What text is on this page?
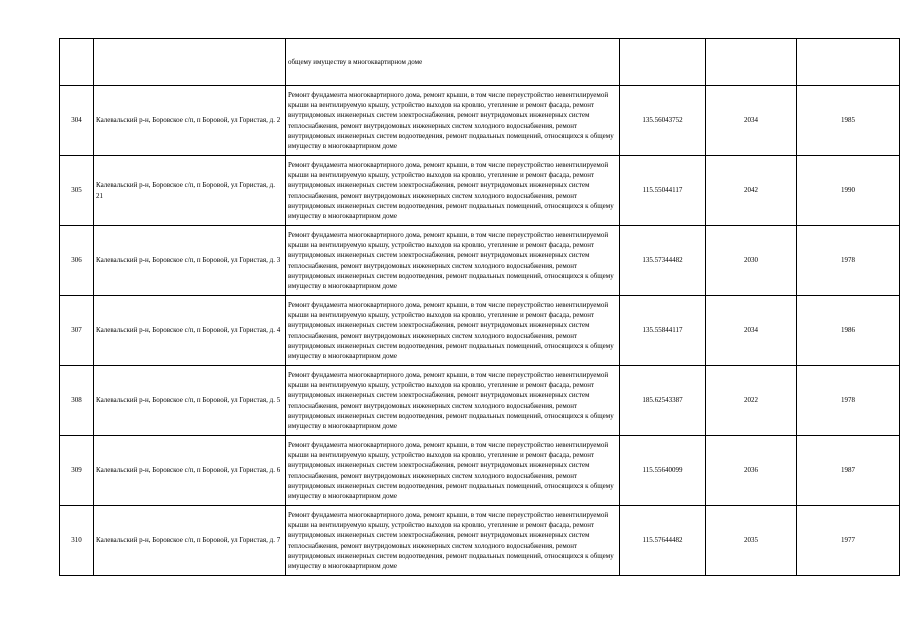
		общему имуществу в многоквартирном доме			
304	Калевальский р-н, Боровское с/п, п Боровой, ул Гористая, д. 2	Ремонт фундамента многоквартирного дома, ремонт крыши, в том числе переустройство невентилируемой крыши на вентилируемую крышу, устройство выходов на кровлю, утепление и ремонт фасада, ремонт внутридомовых инженерных систем электроснабжения, ремонт внутридомовых инженерных систем теплоснабжения, ремонт внутридомовых инженерных систем холодного водоснабжения, ремонт внутридомовых инженерных систем водоотведения, ремонт подвальных помещений, относящихся к общему имуществу в многоквартирном доме	135.56043752	2034	1985
305	Калевальский р-н, Боровское с/п, п Боровой, ул Гористая, д. 21	Ремонт фундамента многоквартирного дома, ремонт крыши, в том числе переустройство невентилируемой крыши на вентилируемую крышу, устройство выходов на кровлю, утепление и ремонт фасада, ремонт внутридомовых инженерных систем электроснабжения, ремонт внутридомовых инженерных систем теплоснабжения, ремонт внутридомовых инженерных систем холодного водоснабжения, ремонт внутридомовых инженерных систем водоотведения, ремонт подвальных помещений, относящихся к общему имуществу в многоквартирном доме	115.55044117	2042	1990
306	Калевальский р-н, Боровское с/п, п Боровой, ул Гористая, д. 3	Ремонт фундамента многоквартирного дома, ремонт крыши, в том числе переустройство невентилируемой крыши на вентилируемую крышу, устройство выходов на кровлю, утепление и ремонт фасада, ремонт внутридомовых инженерных систем электроснабжения, ремонт внутридомовых инженерных систем теплоснабжения, ремонт внутридомовых инженерных систем холодного водоснабжения, ремонт внутридомовых инженерных систем водоотведения, ремонт подвальных помещений, относящихся к общему имуществу в многоквартирном доме	135.57344482	2030	1978
307	Калевальский р-н, Боровское с/п, п Боровой, ул Гористая, д. 4	Ремонт фундамента многоквартирного дома, ремонт крыши, в том числе переустройство невентилируемой крыши на вентилируемую крышу, устройство выходов на кровлю, утепление и ремонт фасада, ремонт внутридомовых инженерных систем электроснабжения, ремонт внутридомовых инженерных систем теплоснабжения, ремонт внутридомовых инженерных систем холодного водоснабжения, ремонт внутридомовых инженерных систем водоотведения, ремонт подвальных помещений, относящихся к общему имуществу в многоквартирном доме	135.55844117	2034	1986
308	Калевальский р-н, Боровское с/п, п Боровой, ул Гористая, д. 5	Ремонт фундамента многоквартирного дома, ремонт крыши, в том числе переустройство невентилируемой крыши на вентилируемую крышу, устройство выходов на кровлю, утепление и ремонт фасада, ремонт внутридомовых инженерных систем электроснабжения, ремонт внутридомовых инженерных систем теплоснабжения, ремонт внутридомовых инженерных систем холодного водоснабжения, ремонт внутридомовых инженерных систем водоотведения, ремонт подвальных помещений, относящихся к общему имуществу в многоквартирном доме	185.62543387	2022	1978
309	Калевальский р-н, Боровское с/п, п Боровой, ул Гористая, д. 6	Ремонт фундамента многоквартирного дома, ремонт крыши, в том числе переустройство невентилируемой крыши на вентилируемую крышу, устройство выходов на кровлю, утепление и ремонт фасада, ремонт внутридомовых инженерных систем электроснабжения, ремонт внутридомовых инженерных систем теплоснабжения, ремонт внутридомовых инженерных систем холодного водоснабжения, ремонт внутридомовых инженерных систем водоотведения, ремонт подвальных помещений, относящихся к общему имуществу в многоквартирном доме	115.55640099	2036	1987
310	Калевальский р-н, Боровское с/п, п Боровой, ул Гористая, д. 7	Ремонт фундамента многоквартирного дома, ремонт крыши, в том числе переустройство невентилируемой крыши на вентилируемую крышу, устройство выходов на кровлю, утепление и ремонт фасада, ремонт внутридомовых инженерных систем электроснабжения, ремонт внутридомовых инженерных систем теплоснабжения, ремонт внутридомовых инженерных систем холодного водоснабжения, ремонт внутридомовых инженерных систем водоотведения, ремонт подвальных помещений, относящихся к общему имуществу в многоквартирном доме	115.57644482	2035	1977
